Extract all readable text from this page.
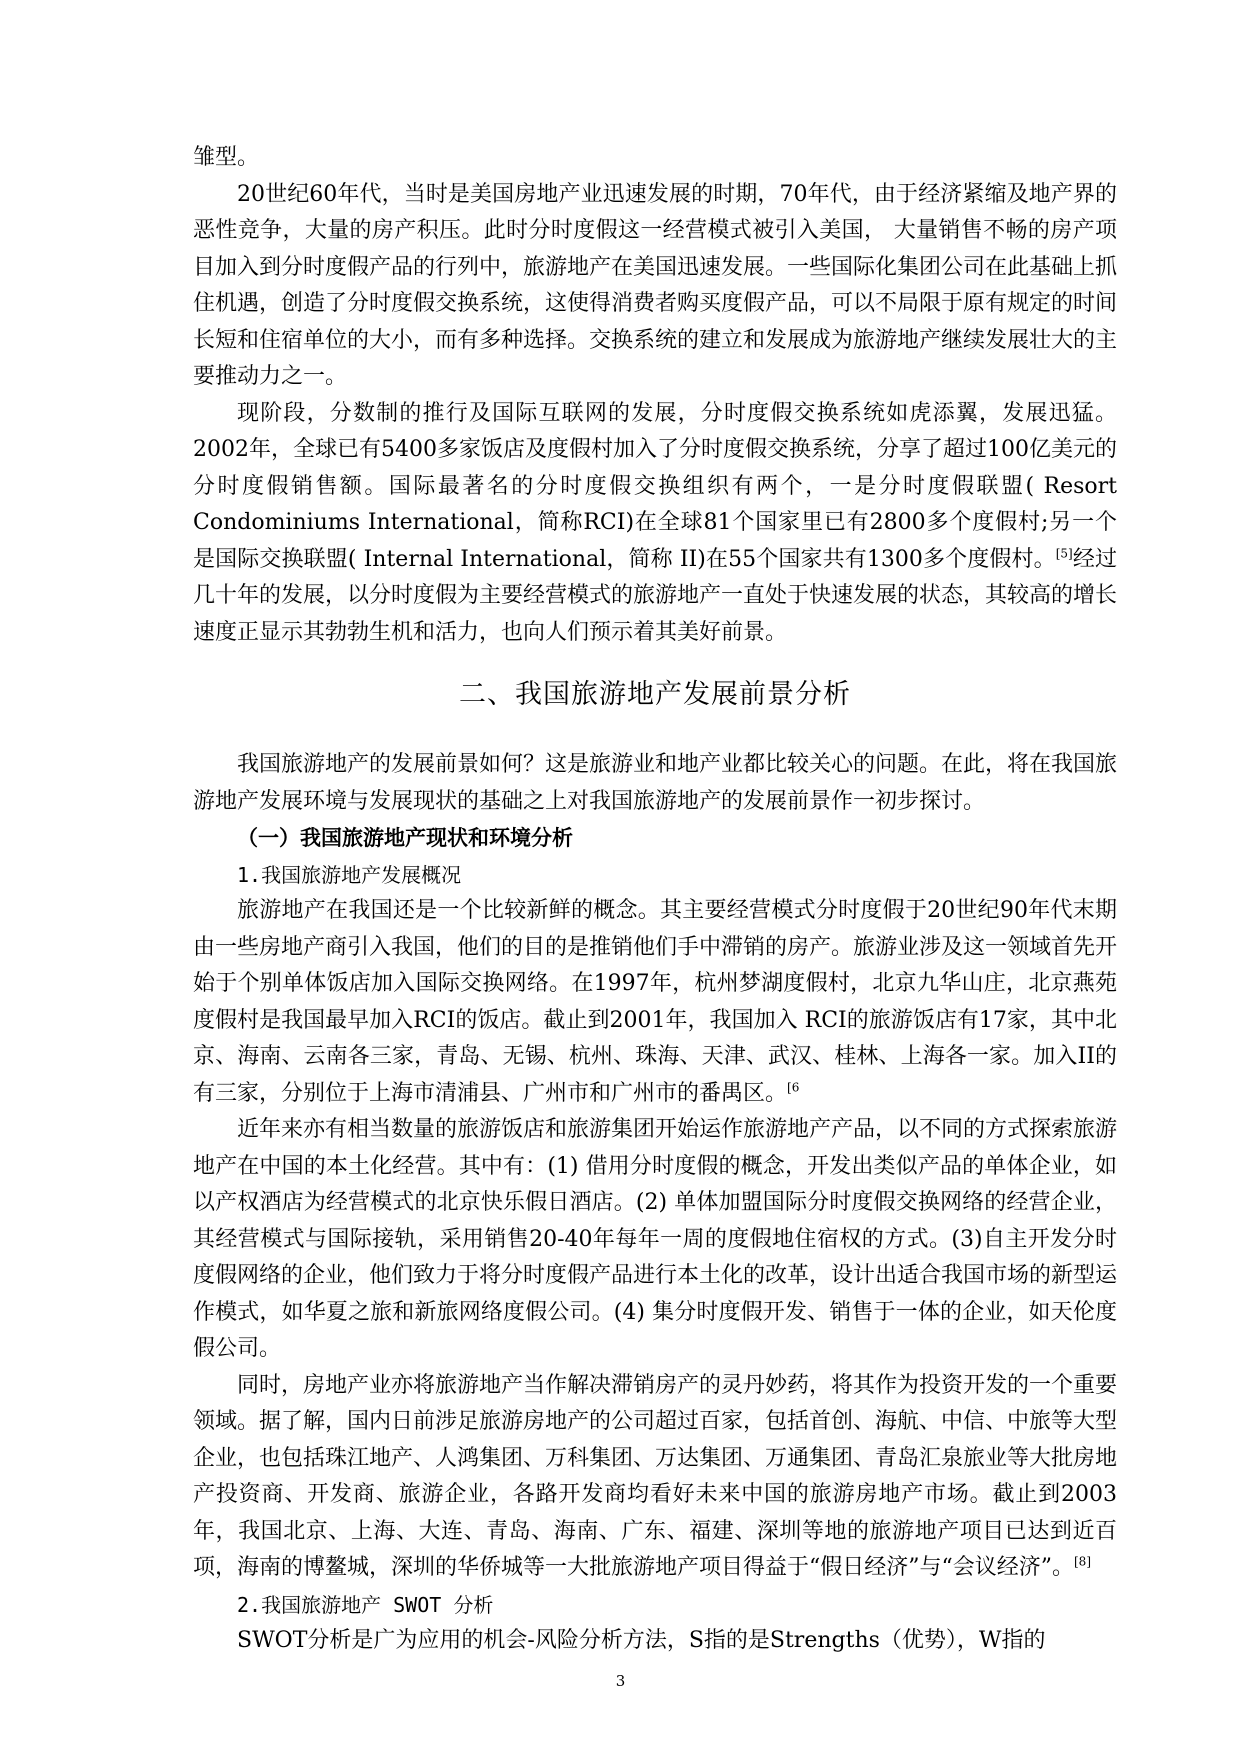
雏型。

20世纪60年代，当时是美国房地产业迅速发展的时期，70年代，由于经济紧缩及地产界的恶性竞争，大量的房产积压。此时分时度假这一经营模式被引入美国， 大量销售不畅的房产项目加入到分时度假产品的行列中，旅游地产在美国迅速发展。一些国际化集团公司在此基础上抓住机遇，创造了分时度假交换系统，这使得消费者购买度假产品，可以不局限于原有规定的时间长短和住宿单位的大小，而有多种选择。交换系统的建立和发展成为旅游地产继续发展壮大的主要推动力之一。

现阶段，分数制的推行及国际互联网的发展，分时度假交换系统如虎添翼，发展迅猛。2002年，全球已有5400多家饭店及度假村加入了分时度假交换系统，分享了超过100亿美元的分时度假销售额。国际最著名的分时度假交换组织有两个，一是分时度假联盟( Resort Condominiums International，简称RCI)在全球81个国家里已有2800多个度假村;另一个是国际交换联盟( Internal International，简称 II)在55个国家共有1300多个度假村。[5]经过几十年的发展，以分时度假为主要经营模式的旅游地产一直处于快速发展的状态，其较高的增长速度正显示其勃勃生机和活力，也向人们预示着其美好前景。

二、我国旅游地产发展前景分析

我国旅游地产的发展前景如何？这是旅游业和地产业都比较关心的问题。在此，将在我国旅游地产发展环境与发展现状的基础之上对我国旅游地产的发展前景作一初步探讨。

（一）我国旅游地产现状和环境分析

1.我国旅游地产发展概况

旅游地产在我国还是一个比较新鲜的概念。其主要经营模式分时度假于20世纪90年代末期由一些房地产商引入我国，他们的目的是推销他们手中滞销的房产。旅游业涉及这一领域首先开始于个别单体饭店加入国际交换网络。在1997年，杭州梦湖度假村，北京九华山庄，北京燕苑度假村是我国最早加入RCI的饭店。截止到2001年，我国加入 RCI的旅游饭店有17家，其中北京、海南、云南各三家，青岛、无锡、杭州、珠海、天津、武汉、桂林、上海各一家。加入II的有三家，分别位于上海市清浦县、广州市和广州市的番禺区。$^{[6}$

近年来亦有相当数量的旅游饭店和旅游集团开始运作旅游地产产品，以不同的方式探索旅游地产在中国的本土化经营。其中有：(1) 借用分时度假的概念，开发出类似产品的单体企业，如以产权酒店为经营模式的北京快乐假日酒店。(2) 单体加盟国际分时度假交换网络的经营企业，其经营模式与国际接轨，采用销售20-40年每年一周的度假地住宿权的方式。(3)自主开发分时度假网络的企业，他们致力于将分时度假产品进行本土化的改革，设计出适合我国市场的新型运作模式，如华夏之旅和新旅网络度假公司。(4) 集分时度假开发、销售于一体的企业，如天伦度假公司。

同时，房地产业亦将旅游地产当作解决滞销房产的灵丹妙药，将其作为投资开发的一个重要领域。据了解，国内日前涉足旅游房地产的公司超过百家，包括首创、海航、中信、中旅等大型企业，也包括珠江地产、人鸿集团、万科集团、万达集团、万通集团、青岛汇泉旅业等大批房地产投资商、开发商、旅游企业，各路开发商均看好未来中国的旅游房地产市场。截止到2003年，我国北京、上海、大连、青岛、海南、广东、福建、深圳等地的旅游地产项目已达到近百项，海南的博鳌城，深圳的华侨城等一大批旅游地产项目得益于“假日经济”与“会议经济”。[8]

2.我国旅游地产 SWOT 分析

SWOT分析是广为应用的机会-风险分析方法，S指的是Strengths（优势），W指的

3
